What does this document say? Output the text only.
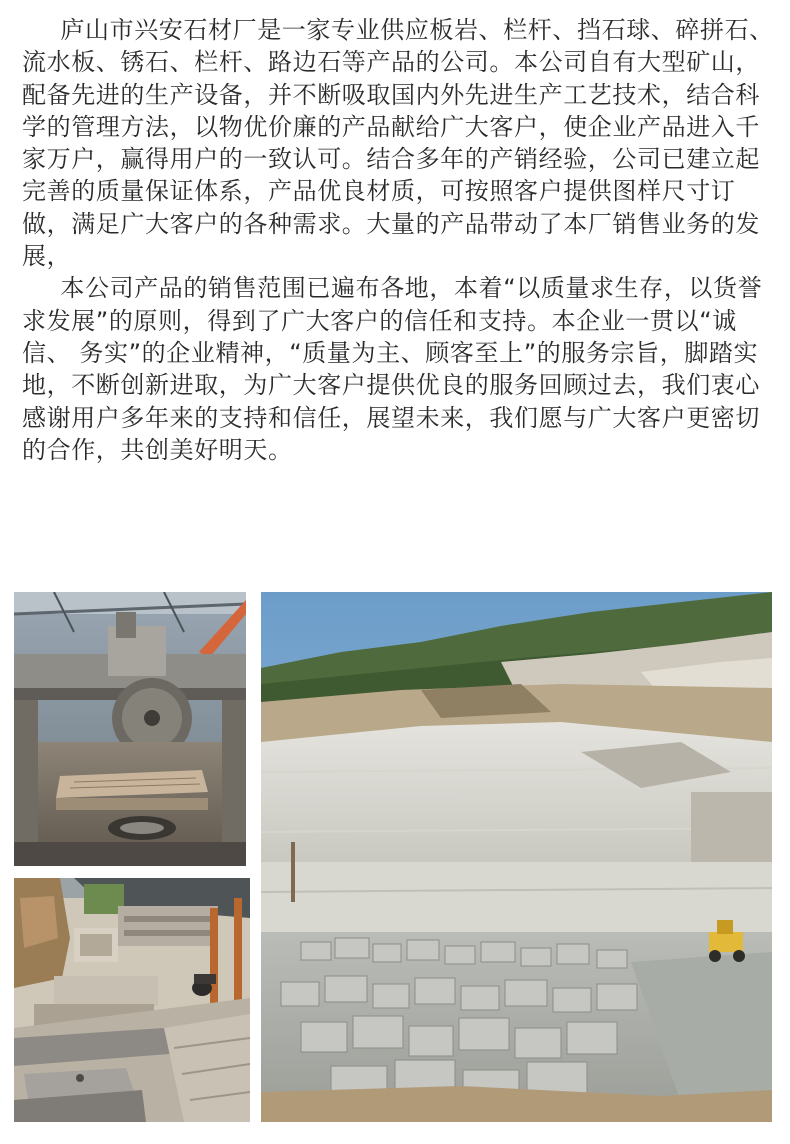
庐山市兴安石材厂是一家专业供应板岩、栏杆、挡石球、碎拼石、流水板、锈石、栏杆、路边石等产品的公司。本公司自有大型矿山，配备先进的生产设备，并不断吸取国内外先进生产工艺技术，结合科学的管理方法，以物优价廉的产品献给广大客户，使企业产品进入千家万户，赢得用户的一致认可。结合多年的产销经验，公司已建立起完善的质量保证体系，产品优良材质，可按照客户提供图样尺寸订做，满足广大客户的各种需求。大量的产品带动了本厂销售业务的发展，

本公司产品的销售范围已遍布各地，本着“以质量求生存，以货誉求发展”的原则，得到了广大客户的信任和支持。本企业一贯以“诚信、 务实”的企业精神，“质量为主、顾客至上”的服务宗旨，脚踏实地，不断创新进取，为广大客户提供优良的服务回顾过去，我们衷心感谢用户多年来的支持和信任，展望未来，我们愿与广大客户更密切的合作，共创美好明天。
